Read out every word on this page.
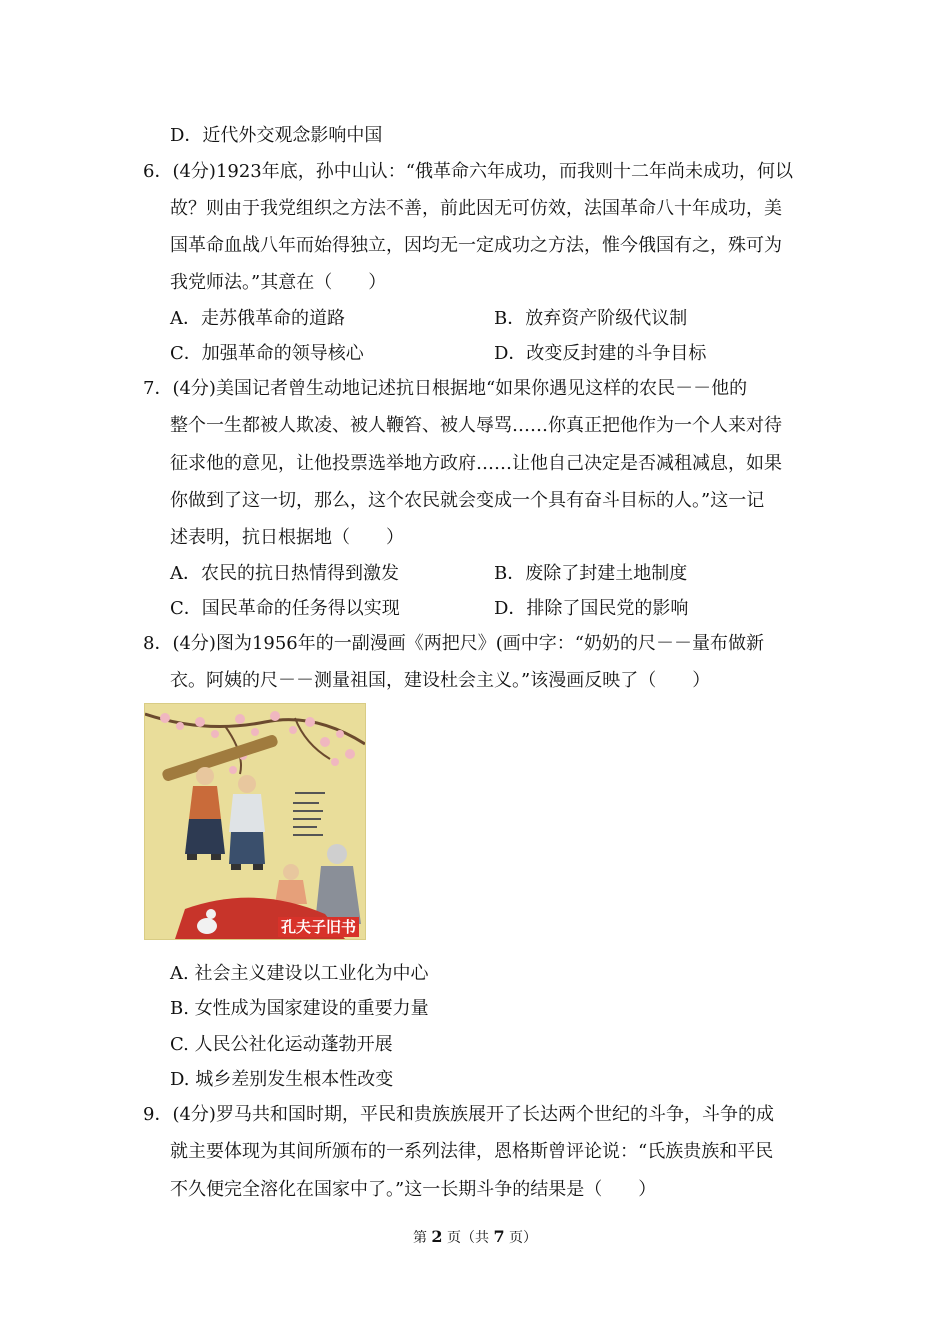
D．近代外交观念影响中国
6．(4分)1923年底，孙中山认：“俄革命六年成功，而我则十二年尚未成功，何以
故？则由于我党组织之方法不善，前此因无可仿效，法国革命八十年成功，美
国革命血战八年而始得独立，因均无一定成功之方法，惟今俄国有之，殊可为
我党师法。”其意在（　　）
A．走苏俄革命的道路	B．放弃资产阶级代议制
C．加强革命的领导核心	D．改变反封建的斗争目标
7．(4分)美国记者曾生动地记述抗日根据地“如果你遇见这样的农民－－他的
整个一生都被人欺凌、被人鞭笞、被人辱骂……你真正把他作为一个人来对待
征求他的意见，让他投票选举地方政府……让他自己决定是否减租减息，如果
你做到了这一切，那么，这个农民就会变成一个具有奋斗目标的人。”这一记
述表明，抗日根据地（　　）
A．农民的抗日热情得到激发	B．废除了封建土地制度
C．国民革命的任务得以实现	D．排除了国民党的影响
8．(4分)图为1956年的一副漫画《两把尺》(画中字：“奶奶的尺－－量布做新
衣。阿姨的尺－－测量祖国，建设杜会主义。”该漫画反映了（　　）
孔夫子旧书
A. 社会主义建设以工业化为中心
B. 女性成为国家建设的重要力量
C. 人民公社化运动蓬勃开展
D. 城乡差别发生根本性改变
9．(4分)罗马共和国时期，平民和贵族族展开了长达两个世纪的斗争，斗争的成
就主要体现为其间所颁布的一系列法律，恩格斯曾评论说：“氏族贵族和平民
不久便完全溶化在国家中了。”这一长期斗争的结果是（　　）
第 2 页（共 7 页）
